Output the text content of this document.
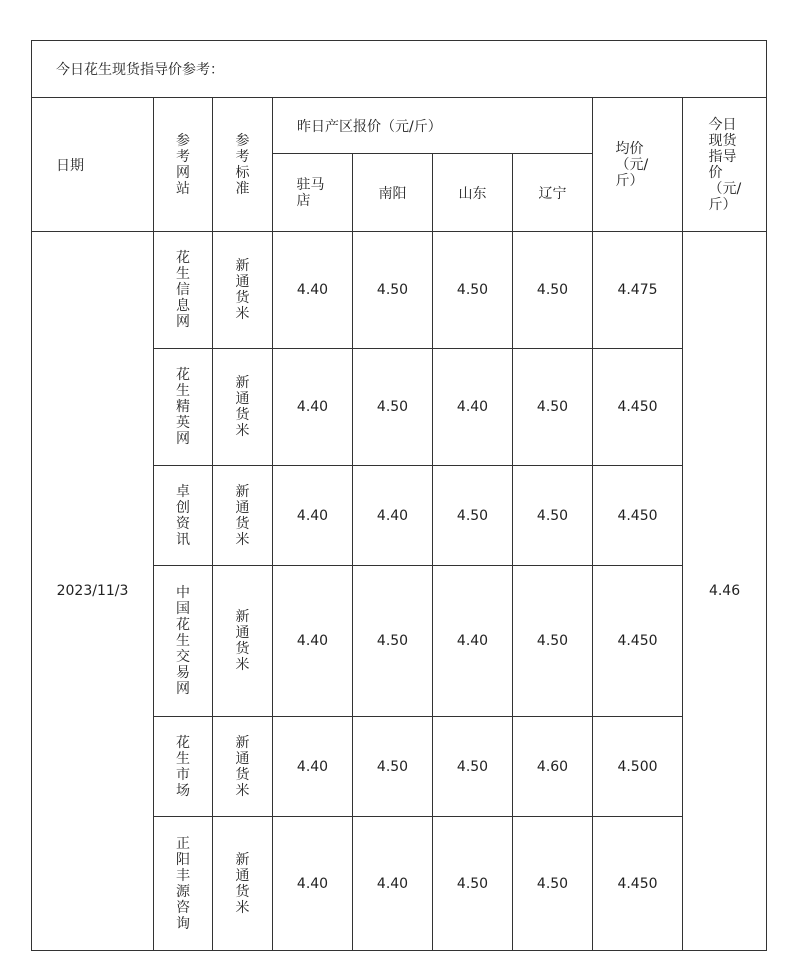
今日花生现货指导价参考：								
日期	参考网站	参考标准	昨日产区报价（元/斤）				均价（元/斤）	今日现货指导价（元/斤）
			驻马店	南阳	山东	辽宁		
2023/11/3	花生信息网	新通货米	4.40	4.50	4.50	4.50	4.475	4.46
	花生精英网	新通货米	4.40	4.50	4.40	4.50	4.450	
	卓创资讯	新通货米	4.40	4.40	4.50	4.50	4.450	
	中国花生交易网	新通货米	4.40	4.50	4.40	4.50	4.450	
	花生市场	新通货米	4.40	4.50	4.50	4.60	4.500	
	正阳丰源咨询	新通货米	4.40	4.40	4.50	4.50	4.450	
